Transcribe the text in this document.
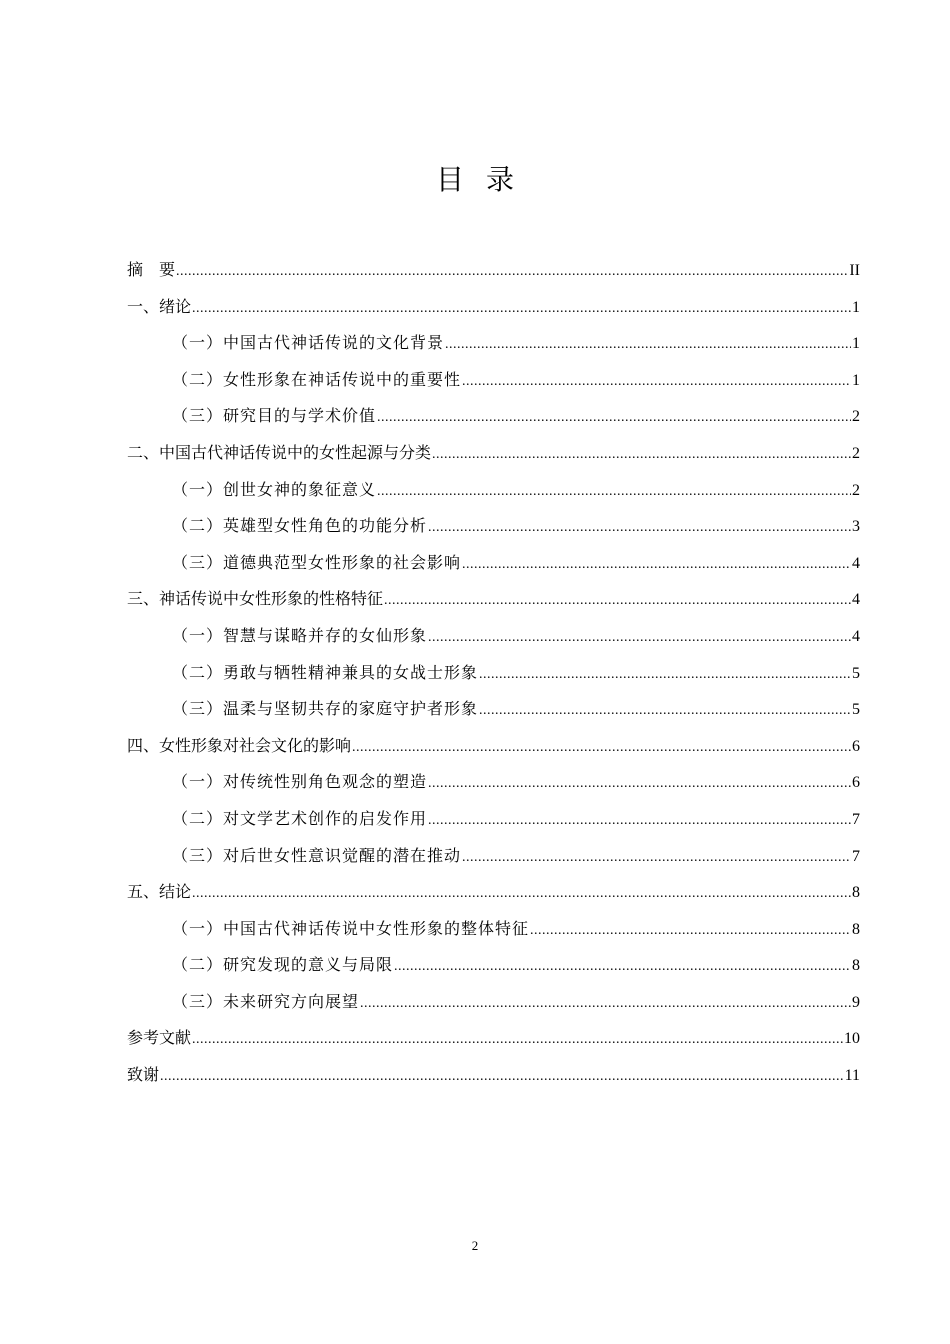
目录
摘　要 .....	II
一、绪论 .....	1
（一）中国古代神话传说的文化背景 .....	1
（二）女性形象在神话传说中的重要性 .....	1
（三）研究目的与学术价值 .....	2
二、中国古代神话传说中的女性起源与分类 .....	2
（一）创世女神的象征意义 .....	2
（二）英雄型女性角色的功能分析 .....	3
（三）道德典范型女性形象的社会影响 .....	4
三、神话传说中女性形象的性格特征 .....	4
（一）智慧与谋略并存的女仙形象 .....	4
（二）勇敢与牺牲精神兼具的女战士形象 .....	5
（三）温柔与坚韧共存的家庭守护者形象 .....	5
四、女性形象对社会文化的影响 .....	6
（一）对传统性别角色观念的塑造 .....	6
（二）对文学艺术创作的启发作用 .....	7
（三）对后世女性意识觉醒的潜在推动 .....	7
五、结论 .....	8
（一）中国古代神话传说中女性形象的整体特征 .....	8
（二）研究发现的意义与局限 .....	8
（三）未来研究方向展望 .....	9
参考文献 .....	10
致谢 .....	11
2
